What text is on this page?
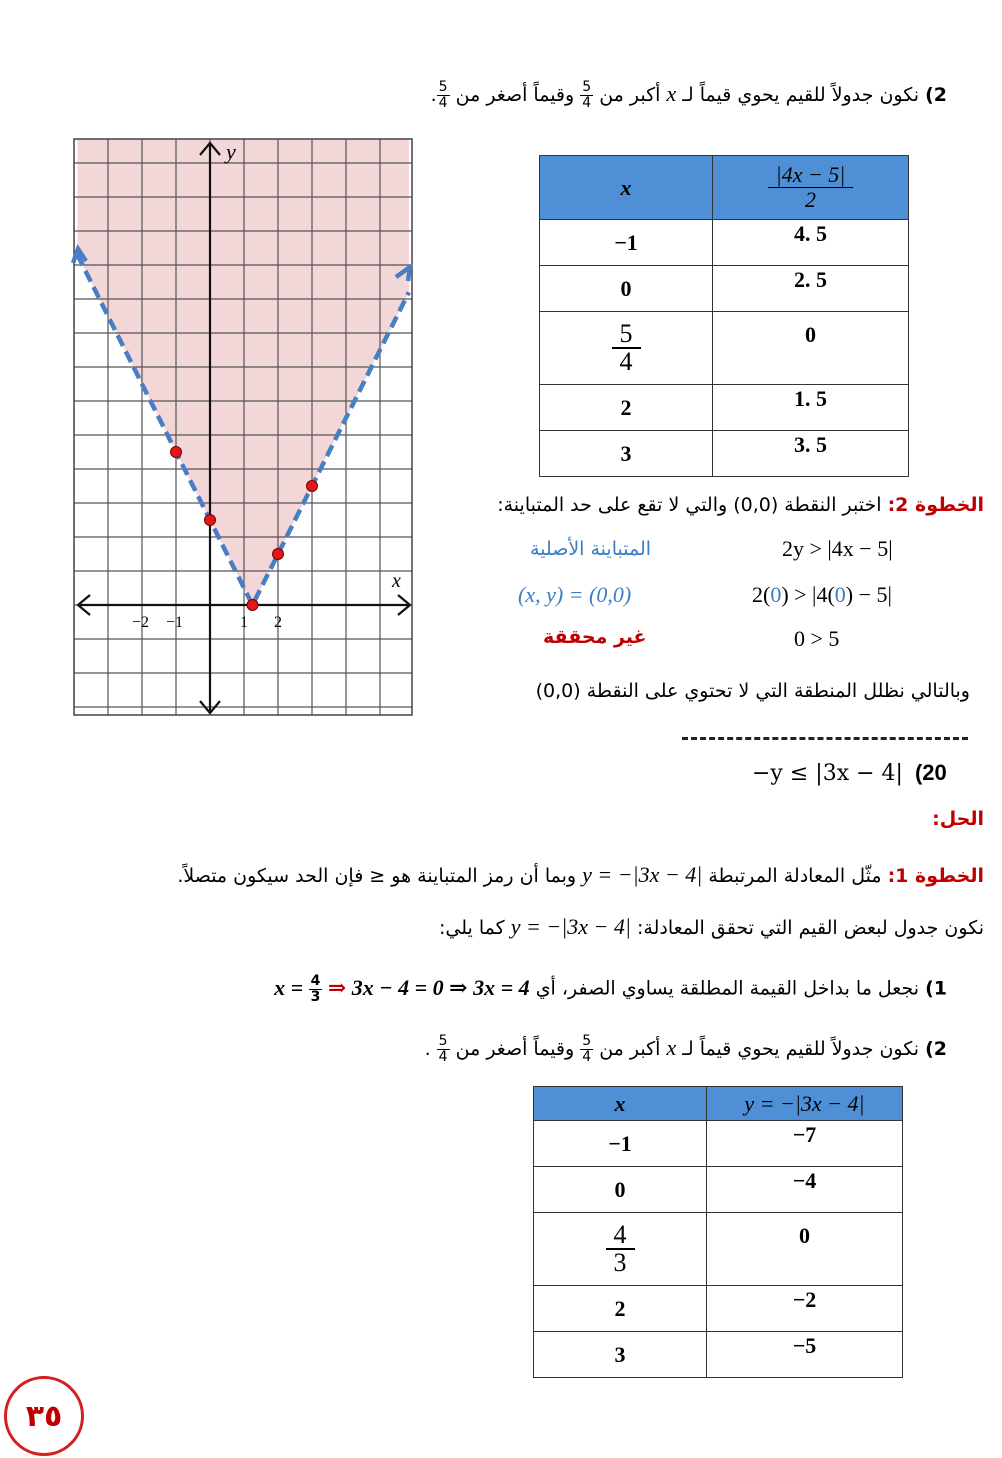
2) نكون جدولاً للقيم يحوي قيماً لـ x أكبر من
$\frac{5}{4}$
وقيماً أصغر من
$\frac{5}{4}$
.
y
x
−2 −1	1 2
x	$\frac{|4x - 5|}{2}$

−1	4. 5
0	2. 5

$\frac{5}{4}$	0
2	1. 5
3	3. 5
الخطوة 2: اختبر النقطة (0,0) والتي لا تقع على حد المتباينة:
المتباينة الأصلية	2y > |4x − 5|
(x, y) = (0,0)	2(0) > |4(0) − 5|
0 > 5
غير محققة
وبالتالي نظلل المنطقة التي لا تحتوي على النقطة (0,0)
−y ≤ |3x − 4| (20
الحل:
الخطوة 1: مثّل المعادلة المرتبطة y = −|3x − 4| وبما أن رمز المتباينة هو ≤ فإن الحد سيكون متصلاً.
نكون جدول لبعض القيم التي تحقق المعادلة: y = −|3x − 4| كما يلي:
1) نجعل ما بداخل القيمة المطلقة يساوي الصفر، أي $x = \frac{4}{3}$ ⇒ 3x − 4 = 0 ⇒ 3x = 4
2) نكون جدولاً للقيم يحوي قيماً لـ x أكبر من
$\frac{5}{4}$
وقيماً أصغر من
$\frac{5}{4}$
.
x	y = −|3x − 4|
−1	−7
0	−4

$\frac{4}{3}$	0
2	−2
3	−5
٣٥
